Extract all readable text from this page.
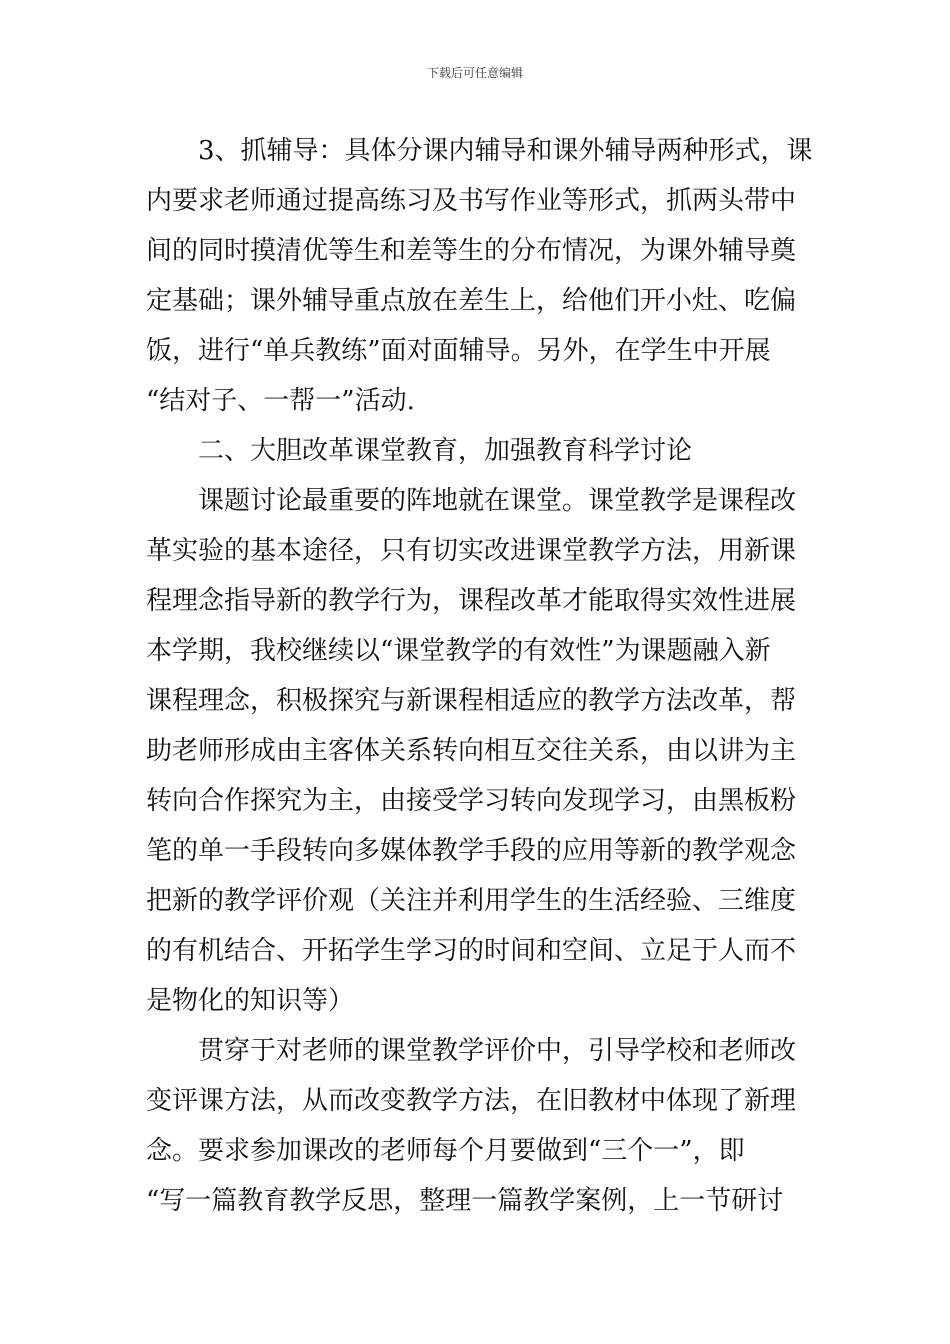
下载后可任意编辑
3、抓辅导：具体分课内辅导和课外辅导两种形式，课
内要求老师通过提高练习及书写作业等形式，抓两头带中
间的同时摸清优等生和差等生的分布情况，为课外辅导奠
定基础；课外辅导重点放在差生上，给他们开小灶、吃偏
饭，进行“单兵教练”面对面辅导。另外，在学生中开展
“结对子、一帮一”活动.
二、大胆改革课堂教育，加强教育科学讨论
课题讨论最重要的阵地就在课堂。课堂教学是课程改
革实验的基本途径，只有切实改进课堂教学方法，用新课
程理念指导新的教学行为，课程改革才能取得实效性进展
本学期，我校继续以“课堂教学的有效性”为课题融入新
课程理念，积极探究与新课程相适应的教学方法改革，帮
助老师形成由主客体关系转向相互交往关系，由以讲为主
转向合作探究为主，由接受学习转向发现学习，由黑板粉
笔的单一手段转向多媒体教学手段的应用等新的教学观念
把新的教学评价观（关注并利用学生的生活经验、三维度
的有机结合、开拓学生学习的时间和空间、立足于人而不
是物化的知识等）
贯穿于对老师的课堂教学评价中，引导学校和老师改
变评课方法，从而改变教学方法，在旧教材中体现了新理
念。要求参加课改的老师每个月要做到“三个一”，即
“写一篇教育教学反思，整理一篇教学案例，上一节研讨
